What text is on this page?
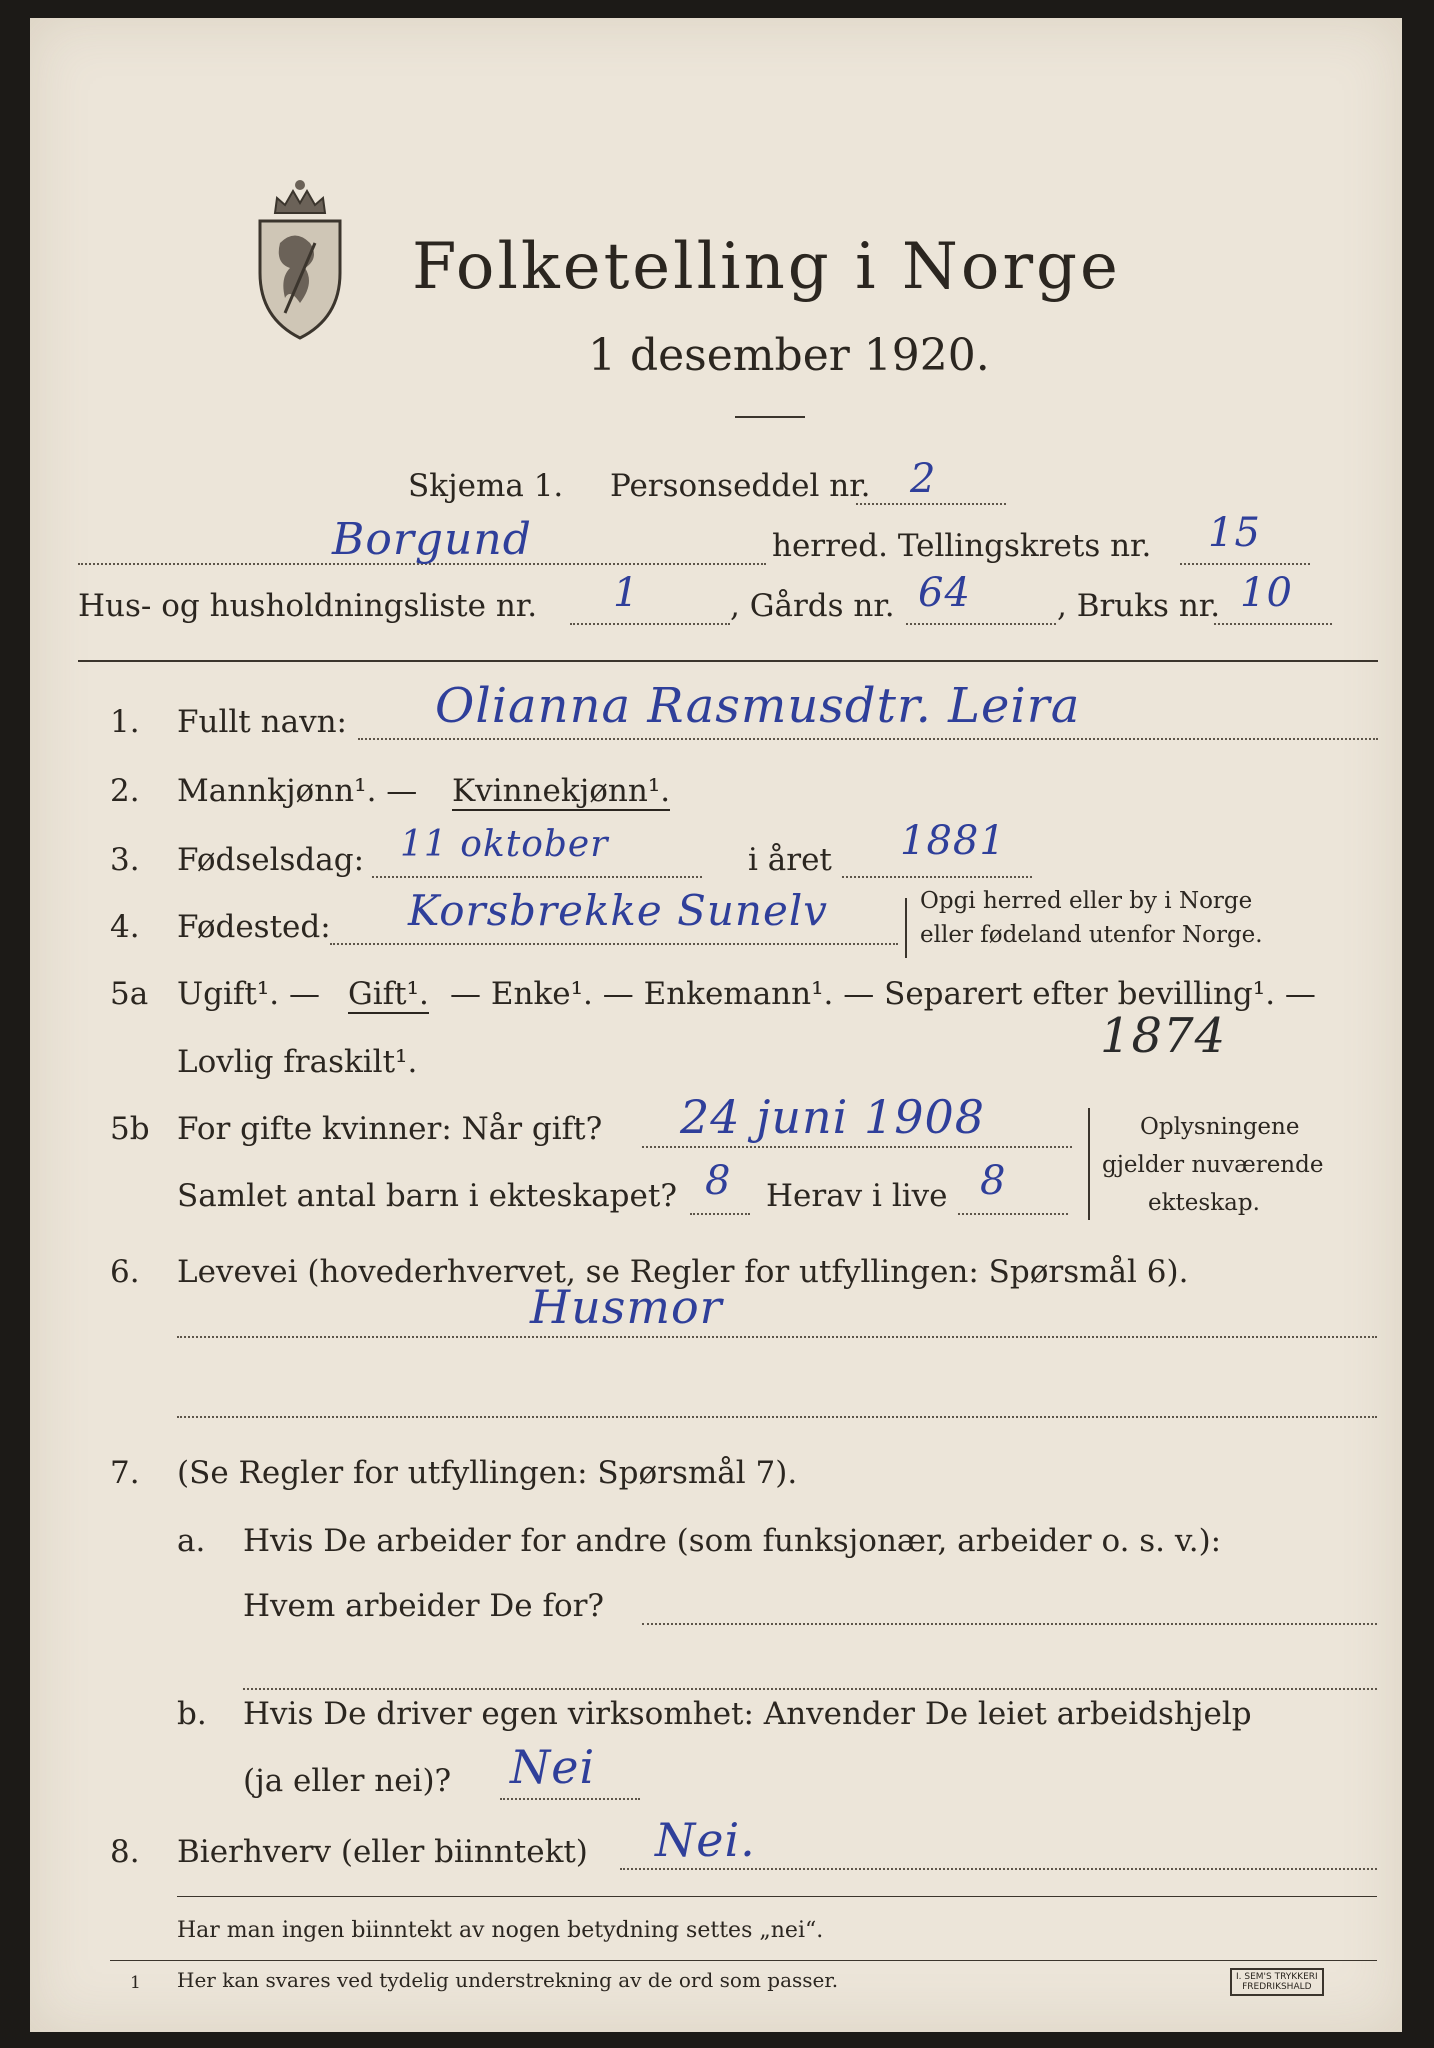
Folketelling i Norge
1 desember 1920.
Skjema 1. Personseddel nr. 2
Borgund	herred. Tellingskrets nr. 15
Hus- og husholdningsliste nr. 1	, Gårds nr. 64	, Bruks nr. 10
1. Fullt navn: Olianna Rasmusdtr. Leira
2. Mannkjønn¹. — Kvinnekjønn¹.
3. Fødselsdag: 11 oktober	i året 1881
4. Fødested: Korsbrekke Sunelv	Opgi herred eller by i Norge
eller fødeland utenfor Norge.
5a Ugift¹. — Gift¹. — Enke¹. — Enkemann¹. — Separert efter bevilling¹. —
Lovlig fraskilt¹.	1874
5b For gifte kvinner: Når gift? 24 juni 1908
Samlet antal barn i ekteskapet? 8 Herav i live 8
Oplysningene
gjelder nuværende
ekteskap.
6. Levevei (hovederhvervet, se Regler for utfyllingen: Spørsmål 6).
Husmor
7. (Se Regler for utfyllingen: Spørsmål 7).
a. Hvis De arbeider for andre (som funksjonær, arbeider o. s. v.):
Hvem arbeider De for?
b. Hvis De driver egen virksomhet: Anvender De leiet arbeidshjelp
(ja eller nei)? Nei
8. Bierhverv (eller biinntekt) Nei.
Har man ingen biinntekt av nogen betydning settes „nei“.
1 Her kan svares ved tydelig understrekning av de ord som passer.	I. SEM'S TRYKKERI
FREDRIKSHALD
